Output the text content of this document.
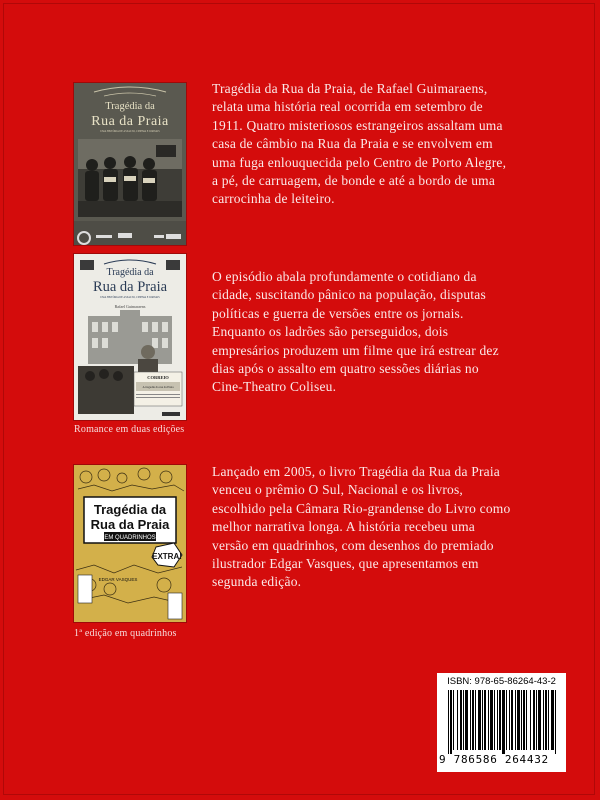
Tragédia da
Rua da Praia
UMA HISTÓRIA DE ASSALTO, CINEMA E JORNAIS
Tragédia da
Rua da Praia
UMA HISTÓRIA DE ASSALTO, CINEMA E JORNAIS
Rafael Guimaraens
CORREIO
A tragedia da rua da Praia
Tragédia da
Rua da Praia
EM QUADRINHOS
EXTRA!
EDGAR VASQUES

Tragédia da Rua da Praia, de Rafael Guimaraens, relata uma história real ocorrida em setembro de 1911. Quatro misteriosos estrangeiros assaltam uma casa de câmbio na Rua da Praia e se envolvem em uma fuga enlouquecida pelo Centro de Porto Alegre, a pé, de carruagem, de bonde e até a bordo de uma carrocinha de leiteiro.

O episódio abala profundamente o cotidiano da cidade, suscitando pânico na população, disputas políticas e guerra de versões entre os jornais. Enquanto os ladrões são perseguidos, dois empresários produzem um filme que irá estrear dez dias após o assalto em quatro sessões diárias no Cine-Theatro Coliseu.

Lançado em 2005, o livro Tragédia da Rua da Praia venceu o prêmio O Sul, Nacional e os livros, escolhido pela Câmara Rio-grandense do Livro como melhor narrativa longa. A história recebeu uma versão em quadrinhos, com desenhos do premiado ilustrador Edgar Vasques, que apresentamos em segunda edição.

Romance em duas edições
1ª edição em quadrinhos
ISBN: 978-65-86264-43-2
9 786586 264432
